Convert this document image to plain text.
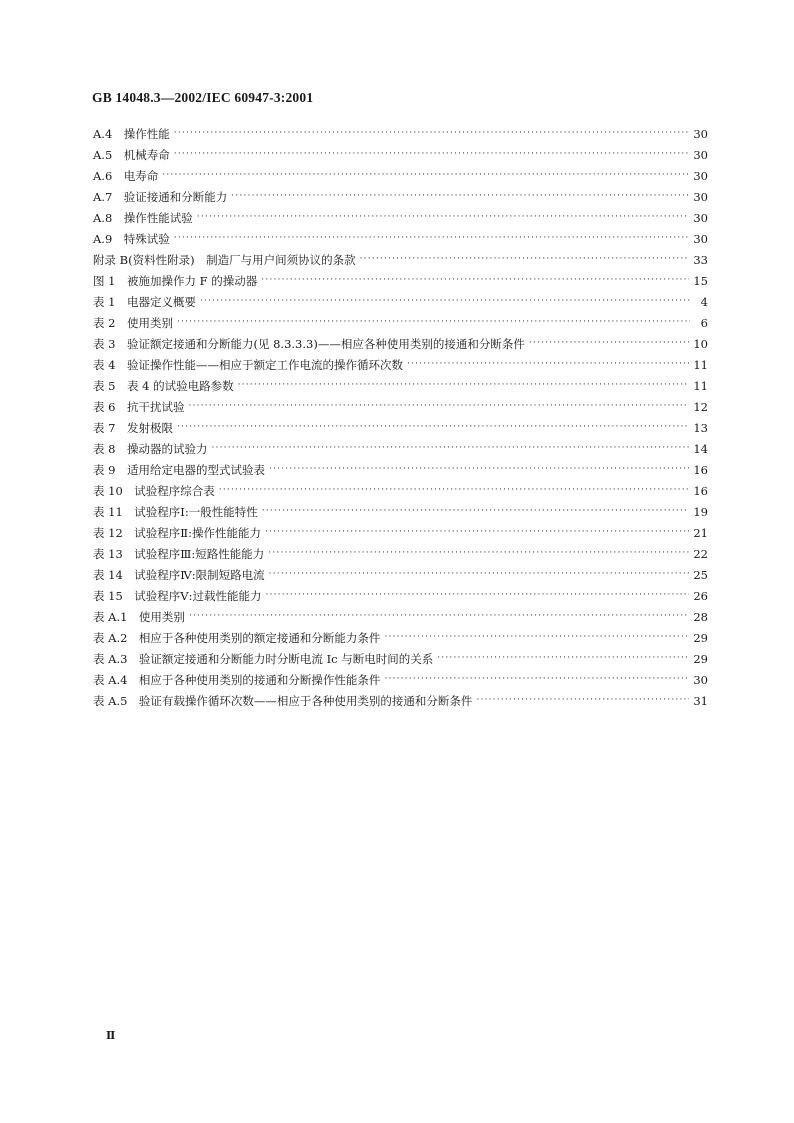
GB 14048.3—2002/IEC 60947-3:2001
A.4　操作性能 ·····	30
A.5　机械寿命 ·····	30
A.6　电寿命 ·····	30
A.7　验证接通和分断能力 ·····	30
A.8　操作性能试验 ·····	30
A.9　特殊试验 ·····	30
附录 B(资料性附录)　制造厂与用户间须协议的条款 ·····	33
图 1　被施加操作力 F 的操动器 ·····	15
表 1　电器定义概要 ·····	4
表 2　使用类别 ·····	6
表 3　验证额定接通和分断能力(见 8.3.3.3)——相应各种使用类别的接通和分断条件 ·····	10
表 4　验证操作性能——相应于额定工作电流的操作循环次数 ·····	11
表 5　表 4 的试验电路参数 ·····	11
表 6　抗干扰试验 ·····	12
表 7　发射极限 ·····	13
表 8　操动器的试验力 ·····	14
表 9　适用给定电器的型式试验表 ·····	16
表 10　试验程序综合表 ·····	16
表 11　试验程序Ⅰ:一般性能特性 ·····	19
表 12　试验程序Ⅱ:操作性能能力 ·····	21
表 13　试验程序Ⅲ:短路性能能力 ·····	22
表 14　试验程序Ⅳ:限制短路电流 ·····	25
表 15　试验程序Ⅴ:过载性能能力 ·····	26
表 A.1　使用类别 ·····	28
表 A.2　相应于各种使用类别的额定接通和分断能力条件 ·····	29
表 A.3　验证额定接通和分断能力时分断电流 Ic 与断电时间的关系 ·····	29
表 A.4　相应于各种使用类别的接通和分断操作性能条件 ·····	30
表 A.5　验证有载操作循环次数——相应于各种使用类别的接通和分断条件 ·····	31
Ⅱ
